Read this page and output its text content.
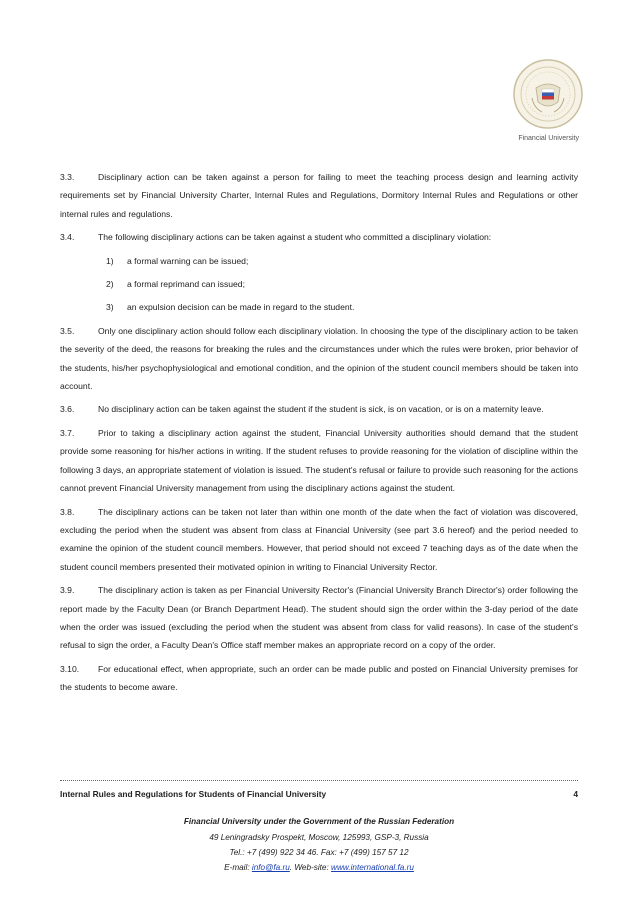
Financial University

3.3.	Disciplinary action can be taken against a person for failing to meet the teaching process design and learning activity requirements set by Financial University Charter, Internal Rules and Regulations, Dormitory Internal Rules and Regulations or other internal rules and regulations.

3.4.	The following disciplinary actions can be taken against a student who committed a disciplinary violation:

1) a formal warning can be issued;

2) a formal reprimand can issued;

3) an expulsion decision can be made in regard to the student.

3.5.	Only one disciplinary action should follow each disciplinary violation. In choosing the type of the disciplinary action to be taken the severity of the deed, the reasons for breaking the rules and the circumstances under which the rules were broken, prior behavior of the students, his/her psychophysiological and emotional condition, and the opinion of the student council members should be taken into account.

3.6.	No disciplinary action can be taken against the student if the student is sick, is on vacation, or is on a maternity leave.

3.7.	Prior to taking a disciplinary action against the student, Financial University authorities should demand that the student provide some reasoning for his/her actions in writing. If the student refuses to provide reasoning for the violation of discipline within the following 3 days, an appropriate statement of violation is issued. The student's refusal or failure to provide such reasoning for the actions cannot prevent Financial University management from using the disciplinary actions against the student.

3.8.	The disciplinary actions can be taken not later than within one month of the date when the fact of violation was discovered, excluding the period when the student was absent from class at Financial University (see part 3.6 hereof) and the period needed to examine the opinion of the student council members. However, that period should not exceed 7 teaching days as of the date when the student council members presented their motivated opinion in writing to Financial University Rector.

3.9.	The disciplinary action is taken as per Financial University Rector's (Financial University Branch Director's) order following the report made by the Faculty Dean (or Branch Department Head). The student should sign the order within the 3-day period of the date when the order was issued (excluding the period when the student was absent from class for valid reasons). In case of the student's refusal to sign the order, a Faculty Dean's Office staff member makes an appropriate record on a copy of the order.

3.10. For educational effect, when appropriate, such an order can be made public and posted on Financial University premises for the students to become aware.

Internal Rules and Regulations for Students of Financial University	4
Financial University under the Government of the Russian Federation
49 Leningradsky Prospekt, Moscow, 125993, GSP-3, Russia
Tel.: +7 (499) 922 34 46. Fax: +7 (499) 157 57 12
E-mail: info@fa.ru. Web-site: www.international.fa.ru
